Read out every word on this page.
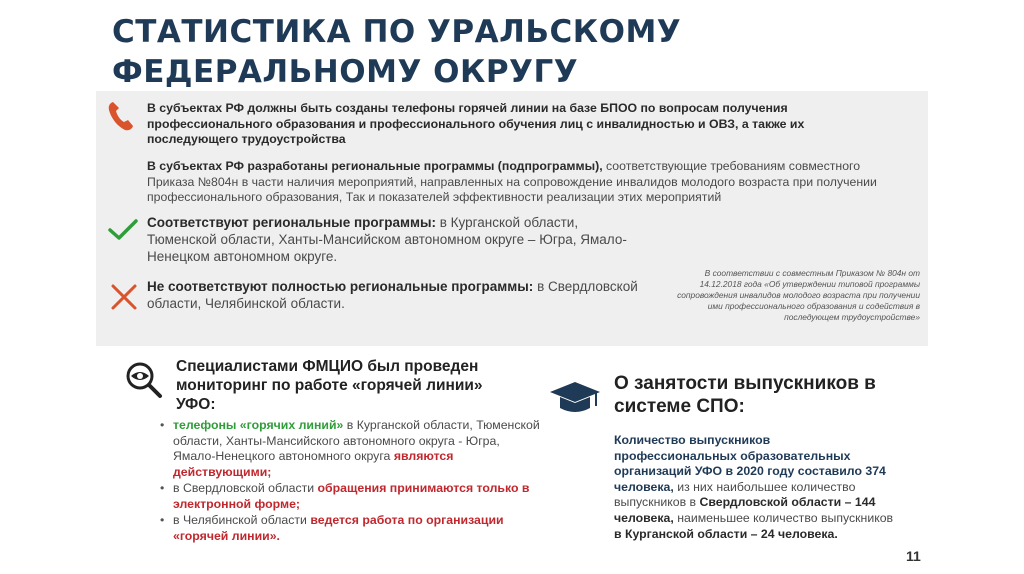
СТАТИСТИКА ПО УРАЛЬСКОМУ ФЕДЕРАЛЬНОМУ ОКРУГУ

В субъектах РФ должны быть созданы телефоны горячей линии на базе БПОО по вопросам получения профессионального образования и профессионального обучения лиц с инвалидностью и ОВЗ, а также их последующего трудоустройства

В субъектах РФ разработаны региональные программы (подпрограммы), соответствующие требованиям совместного Приказа №804н в части наличия мероприятий, направленных на сопровождение инвалидов молодого возраста при получении профессионального образования, Так и показателей эффективности реализации этих мероприятий

Соответствуют региональные программы: в Курганской области, Тюменской области, Ханты-Мансийском автономном округе – Югра, Ямало-Ненецком автономном округе.

Не соответствуют полностью региональные программы: в Свердловской области, Челябинской области.

В соответствии с совместным Приказом № 804н от 14.12.2018 года «Об утверждении типовой программы сопровождения инвалидов молодого возраста при получении ими профессионального образования и содействия в последующем трудоустройстве»

Специалистами ФМЦИО был проведен мониторинг по работе «горячей линии» УФО:

• телефоны «горячих линий» в Курганской области, Тюменской области, Ханты-Мансийского автономного округа - Югра, Ямало-Ненецкого автономного округа являются действующими;
• в Свердловской области обращения принимаются только в электронной форме;
• в Челябинской области ведется работа по организации «горячей линии».

О занятости выпускников в системе СПО:

Количество выпускников профессиональных образовательных организаций УФО в 2020 году составило 374 человека, из них наибольшее количество выпускников в Свердловской области – 144 человека, наименьшее количество выпускников в Курганской области – 24 человека.

11
